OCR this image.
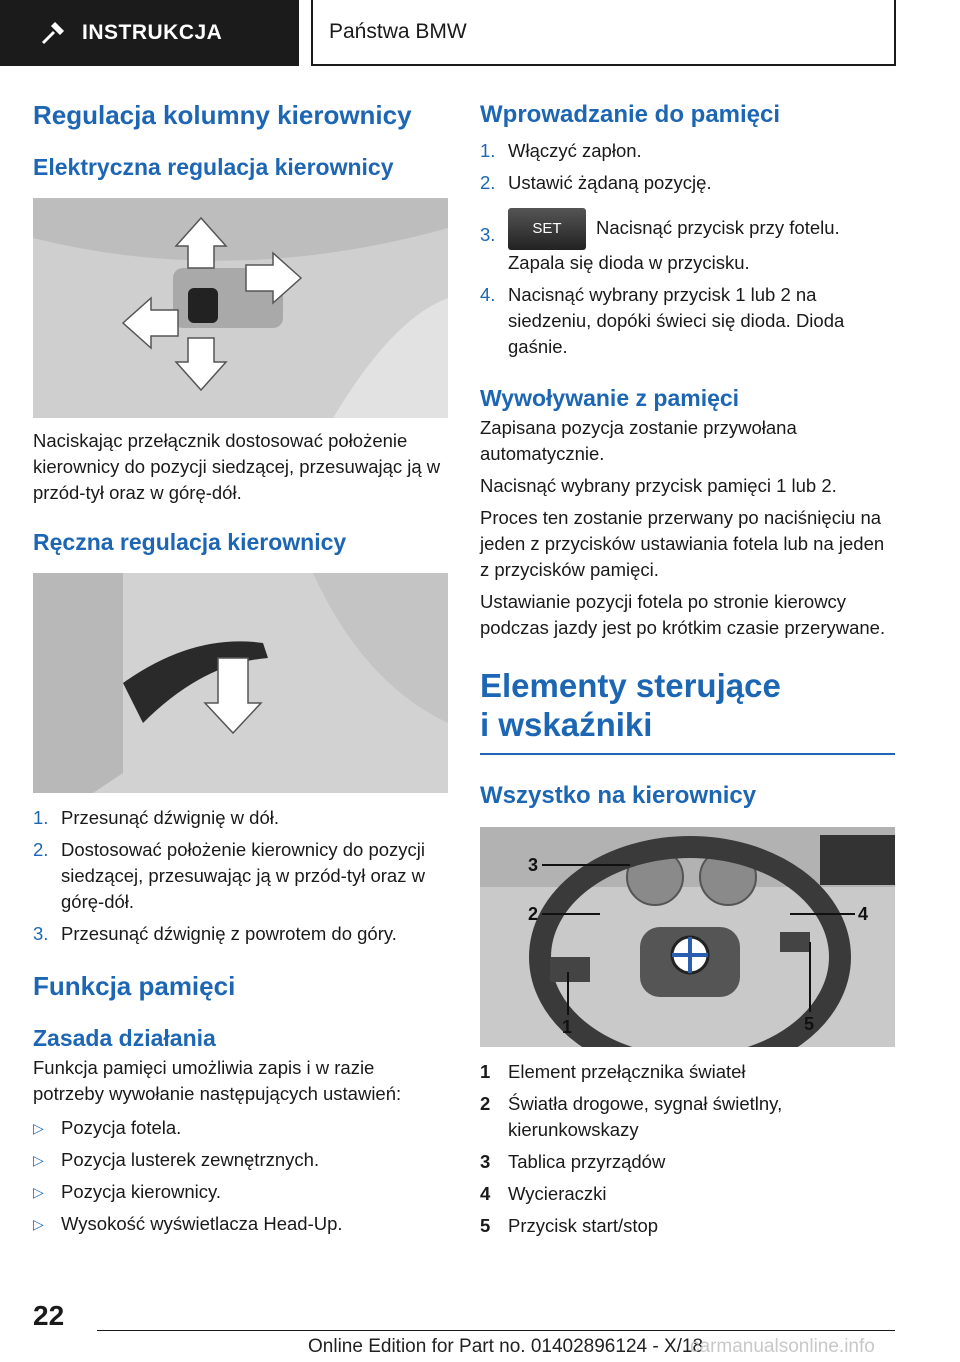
INSTRUKCJA	Państwa BMW
Regulacja kolumny kierownicy
Elektryczna regulacja kierownicy

Naciskając przełącznik dostosować położenie kierownicy do pozycji siedzącej, przesuwając ją w przód-tył oraz w górę-dół.

Ręczna regulacja kierownicy
1. Przesunąć dźwignię w dół.
2. Dostosować położenie kierownicy do pozycji siedzącej, przesuwając ją w przód-tył oraz w górę-dół.
3. Przesunąć dźwignię z powrotem do góry.
Funkcja pamięci
Zasada działania

Funkcja pamięci umożliwia zapis i w razie potrzeby wywołanie następujących ustawień:

▷ Pozycja fotela.
▷ Pozycja lusterek zewnętrznych.
▷ Pozycja kierownicy.
▷ Wysokość wyświetlacza Head-Up.
Wprowadzanie do pamięci
1. Włączyć zapłon.
2. Ustawić żądaną pozycję.
3.	SET Nacisnąć przycisk przy fotelu. Zapala się dioda w przycisku.
4. Nacisnąć wybrany przycisk 1 lub 2 na siedzeniu, dopóki świeci się dioda. Dioda gaśnie.
Wywoływanie z pamięci

Zapisana pozycja zostanie przywołana automatycznie.

Nacisnąć wybrany przycisk pamięci 1 lub 2.

Proces ten zostanie przerwany po naciśnięciu na jeden z przycisków ustawiania fotela lub na jeden z przycisków pamięci.

Ustawianie pozycji fotela po stronie kierowcy podczas jazdy jest po krótkim czasie przerywane.

Elementy sterujące
i wskaźniki
Wszystko na kierownicy
3
2
1
4
5
1 Element przełącznika świateł
2 Światła drogowe, sygnał świetlny, kierunkowskazy
3 Tablica przyrządów
4 Wycieraczki
5 Przycisk start/stop
22
Online Edition for Part no. 01402896124 - X/18
carmanualsonline.info
